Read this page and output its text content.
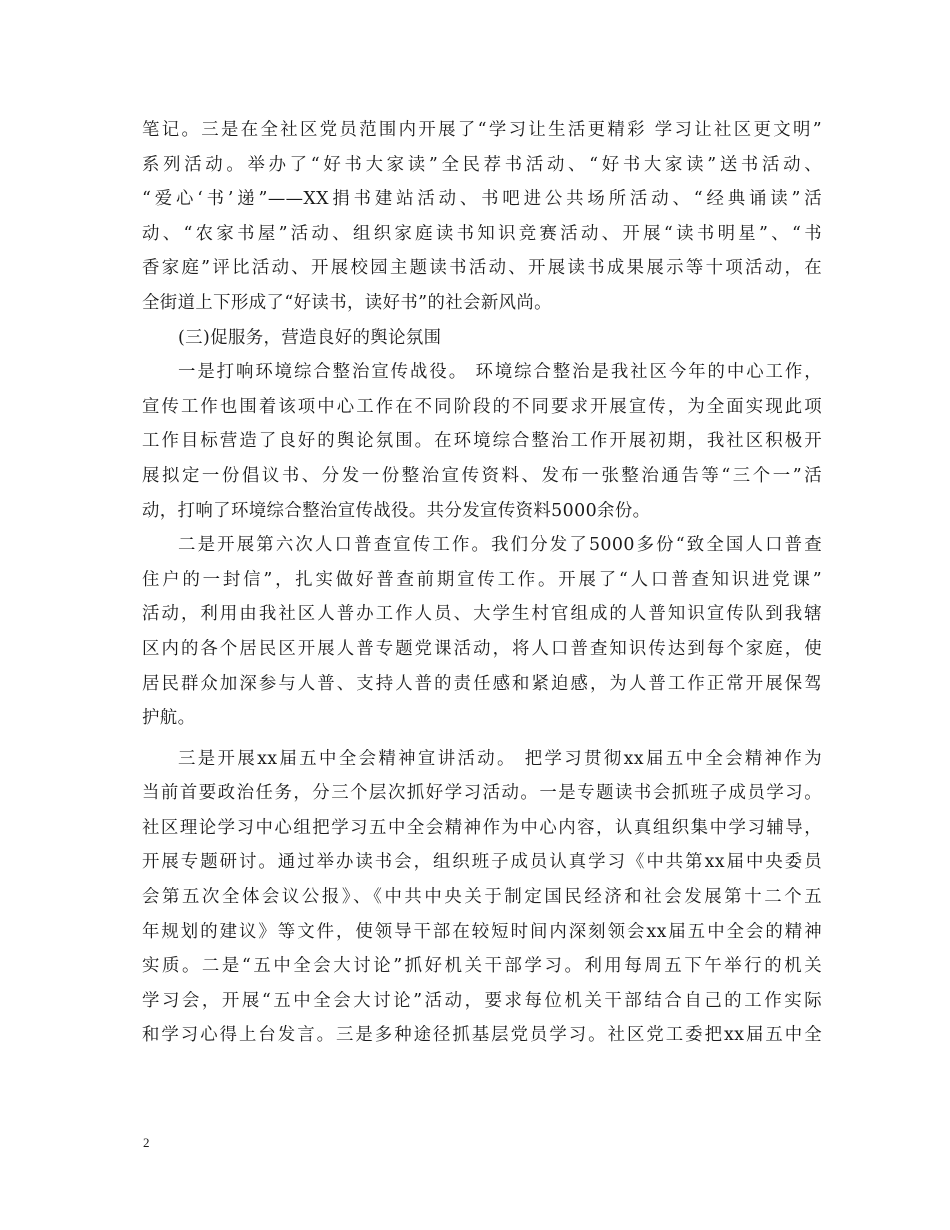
笔记。三是在全社区党员范围内开展了“学习让生活更精彩 学习让社区更文明”
系列活动。举办了“好书大家读”全民荐书活动、“好书大家读”送书活动、
“爱心‘书’递”——XX捐书建站活动、书吧进公共场所活动、“经典诵读”活
动、“农家书屋”活动、组织家庭读书知识竞赛活动、开展“读书明星”、“书
香家庭”评比活动、开展校园主题读书活动、开展读书成果展示等十项活动，在
全街道上下形成了“好读书，读好书”的社会新风尚。
(三)促服务，营造良好的舆论氛围
一是打响环境综合整治宣传战役。 环境综合整治是我社区今年的中心工作，
宣传工作也围着该项中心工作在不同阶段的不同要求开展宣传，为全面实现此项
工作目标营造了良好的舆论氛围。在环境综合整治工作开展初期，我社区积极开
展拟定一份倡议书、分发一份整治宣传资料、发布一张整治通告等“三个一”活
动，打响了环境综合整治宣传战役。共分发宣传资料5000余份。
二是开展第六次人口普查宣传工作。我们分发了5000多份“致全国人口普查
住户的一封信”，扎实做好普查前期宣传工作。开展了“人口普查知识进党课”
活动，利用由我社区人普办工作人员、大学生村官组成的人普知识宣传队到我辖
区内的各个居民区开展人普专题党课活动，将人口普查知识传达到每个家庭，使
居民群众加深参与人普、支持人普的责任感和紧迫感，为人普工作正常开展保驾
护航。
三是开展xx届五中全会精神宣讲活动。 把学习贯彻xx届五中全会精神作为
当前首要政治任务，分三个层次抓好学习活动。一是专题读书会抓班子成员学习。
社区理论学习中心组把学习五中全会精神作为中心内容，认真组织集中学习辅导，
开展专题研讨。通过举办读书会，组织班子成员认真学习《中共第xx届中央委员
会第五次全体会议公报》、《中共中央关于制定国民经济和社会发展第十二个五
年规划的建议》等文件，使领导干部在较短时间内深刻领会xx届五中全会的精神
实质。二是“五中全会大讨论”抓好机关干部学习。利用每周五下午举行的机关
学习会，开展“五中全会大讨论”活动，要求每位机关干部结合自己的工作实际
和学习心得上台发言。三是多种途径抓基层党员学习。社区党工委把xx届五中全
2
